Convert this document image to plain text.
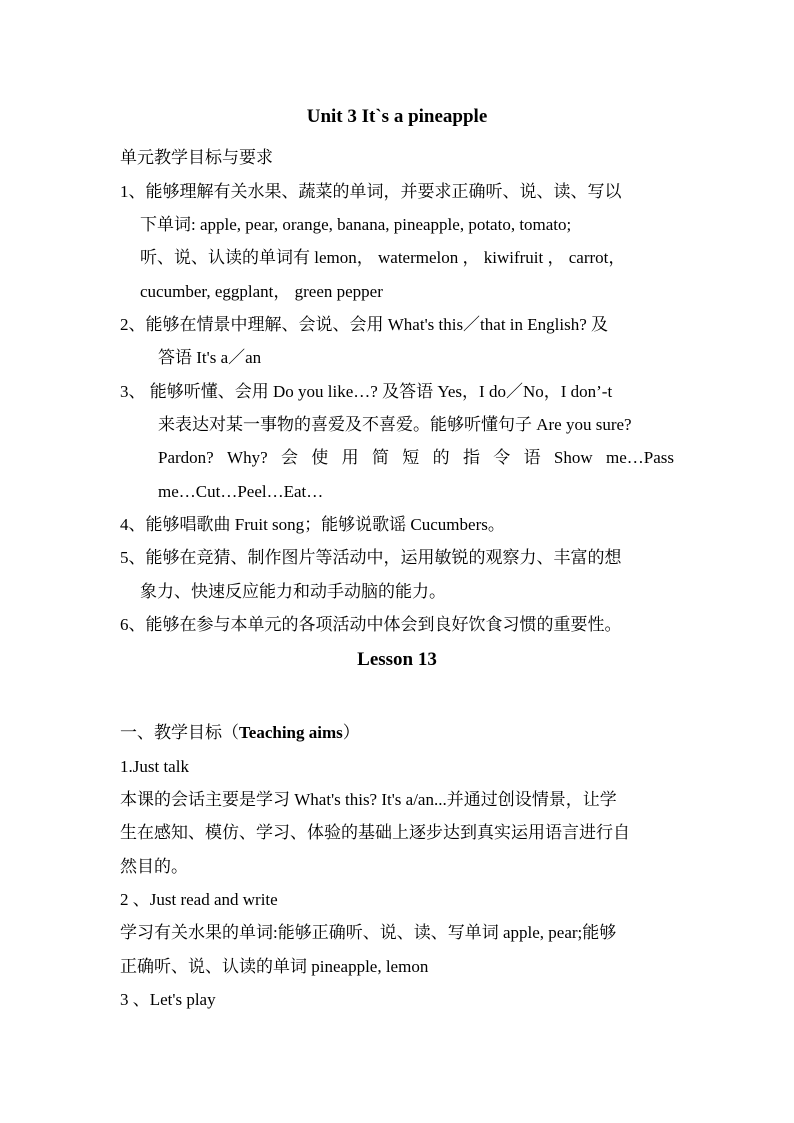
Unit 3 It`s a pineapple
单元教学目标与要求
1、能够理解有关水果、蔬菜的单词，并要求正确听、说、读、写以
下单词: apple, pear, orange, banana, pineapple, potato, tomato;
听、说、认读的单词有 lemon， watermelon ， kiwifruit ， carrot，
cucumber, eggplant， green pepper
2、能够在情景中理解、会说、会用 What's this／that in English? 及
答语 It's a／an
3、 能够听懂、会用 Do you like…? 及答语 Yes，I do／No，I don’-t
来表达对某一事物的喜爱及不喜爱。能够听懂句子 Are you sure?
Pardon? Why? 会 使 用 简 短 的 指 令 语 Show me…Pass
me…Cut…Peel…Eat…
4、能够唱歌曲 Fruit song；能够说歌谣 Cucumbers。
5、能够在竞猜、制作图片等活动中，运用敏锐的观察力、丰富的想
象力、快速反应能力和动手动脑的能力。
6、能够在参与本单元的各项活动中体会到良好饮食习惯的重要性。
Lesson 13
一、教学目标（Teaching aims）
1.Just talk
本课的会话主要是学习 What's this? It's a/an...并通过创设情景，让学
生在感知、模仿、学习、体验的基础上逐步达到真实运用语言进行自
然目的。
2 、Just read and write
学习有关水果的单词:能够正确听、说、读、写单词 apple, pear;能够
正确听、说、认读的单词 pineapple, lemon
3 、Let's play
